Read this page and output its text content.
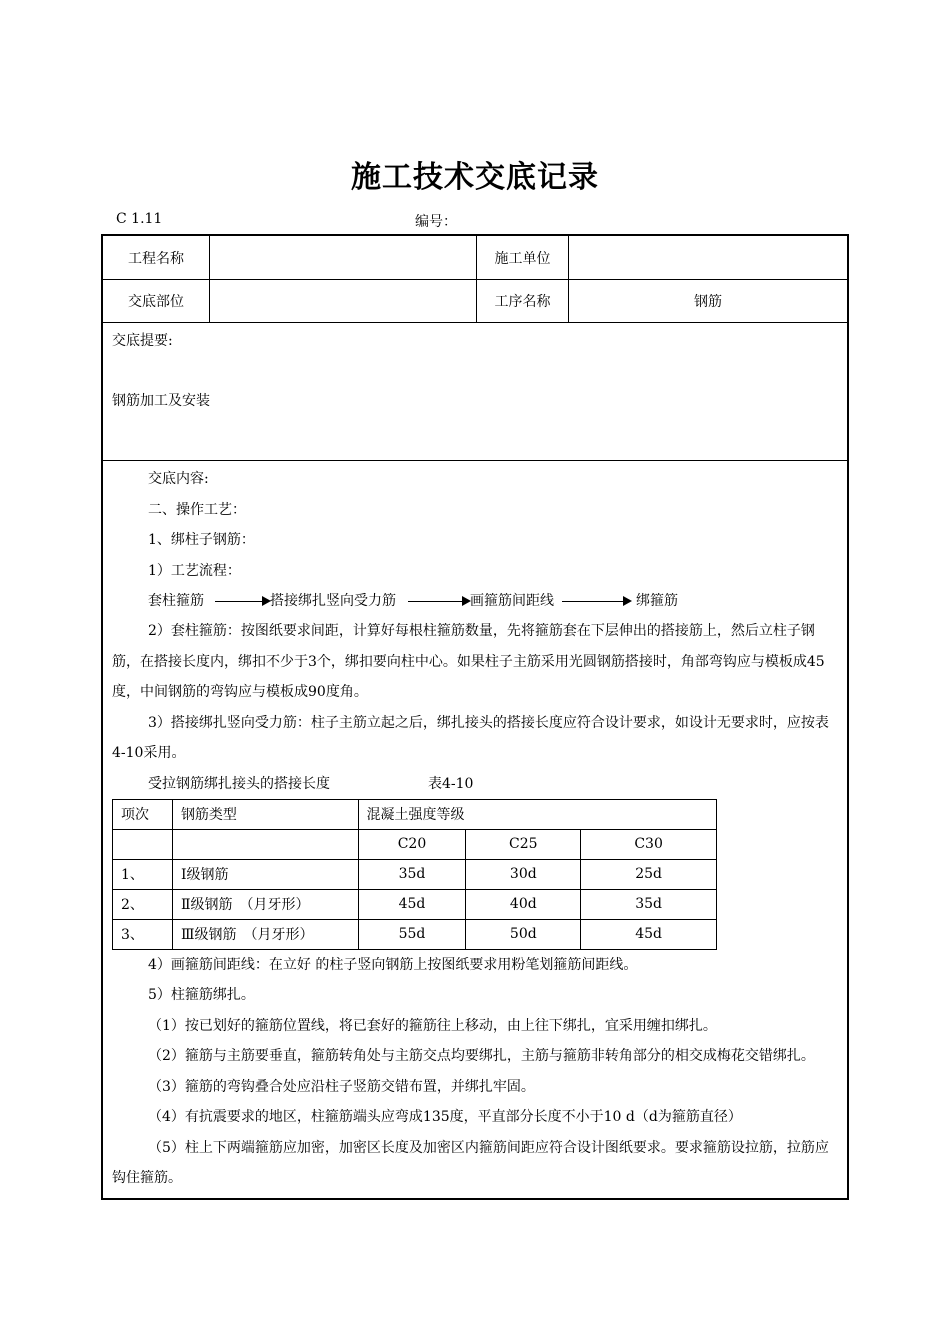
施工技术交底记录
C 1.11	编号：
工程名称	施工单位
交底部位	工序名称	钢筋
交底提要:
钢筋加工及安装

交底内容:

二、操作工艺：

1、绑柱子钢筋：

1）工艺流程：

套柱箍筋	搭接绑扎竖向受力筋	画箍筋间距线	绑箍筋

2）套柱箍筋：按图纸要求间距，计算好每根柱箍筋数量，先将箍筋套在下层伸出的搭接筋上，然后立柱子钢筋，在搭接长度内，绑扣不少于3个，绑扣要向柱中心。如果柱子主筋采用光圆钢筋搭接时，角部弯钩应与模板成45度，中间钢筋的弯钩应与模板成90度角。

3）搭接绑扎竖向受力筋：柱子主筋立起之后，绑扎接头的搭接长度应符合设计要求，如设计无要求时，应按表4-10采用。

受拉钢筋绑扎接头的搭接长度	表4-10
项次	钢筋类型	混凝土强度等级		
		C20	C25	C30
1、	Ⅰ级钢筋	35d	30d	25d
2、	Ⅱ级钢筋　（月牙形）	45d	40d	35d
3、	Ⅲ级钢筋　（月牙形）	55d	50d	45d

4）画箍筋间距线：在立好 的柱子竖向钢筋上按图纸要求用粉笔划箍筋间距线。

5）柱箍筋绑扎。

（1）按已划好的箍筋位置线，将已套好的箍筋往上移动，由上往下绑扎，宜采用缠扣绑扎。

（2）箍筋与主筋要垂直，箍筋转角处与主筋交点均要绑扎，主筋与箍筋非转角部分的相交成梅花交错绑扎。

（3）箍筋的弯钩叠合处应沿柱子竖筋交错布置，并绑扎牢固。

（4）有抗震要求的地区，柱箍筋端头应弯成135度，平直部分长度不小于10 d（d为箍筋直径）

（5）柱上下两端箍筋应加密，加密区长度及加密区内箍筋间距应符合设计图纸要求。要求箍筋设拉筋，拉筋应钩住箍筋。
